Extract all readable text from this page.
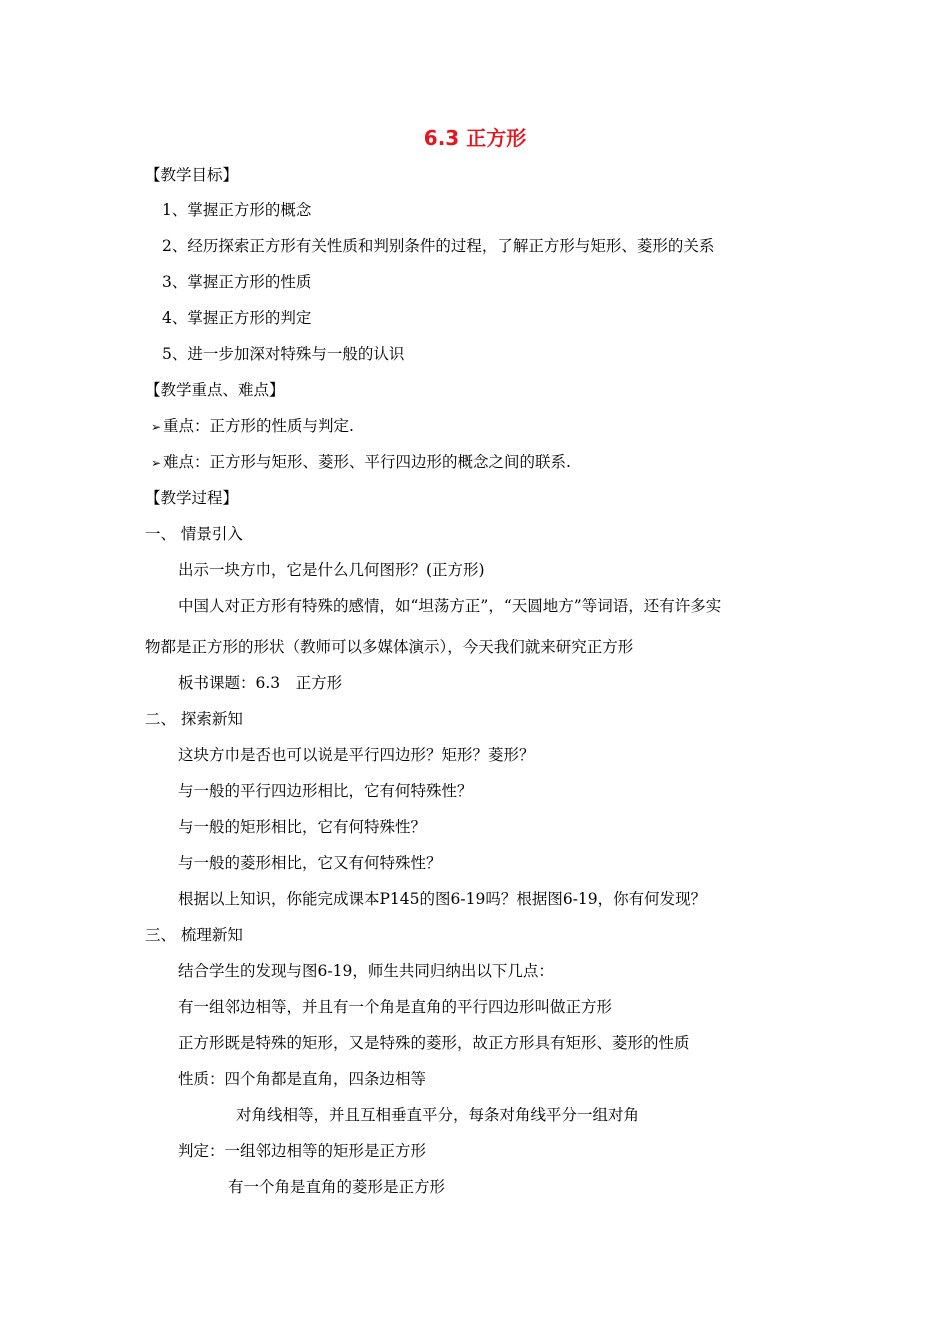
6.3 正方形
【教学目标】
1、掌握正方形的概念
2、经历探索正方形有关性质和判别条件的过程，了解正方形与矩形、菱形的关系
3、掌握正方形的性质
4、掌握正方形的判定
5、进一步加深对特殊与一般的认识
【教学重点、难点】
➢ 重点：正方形的性质与判定.
➢ 难点：正方形与矩形、菱形、平行四边形的概念之间的联系.
【教学过程】
一、 情景引入
出示一块方巾，它是什么几何图形？(正方形)
中国人对正方形有特殊的感情，如“坦荡方正”，“天圆地方”等词语，还有许多实
物都是正方形的形状（教师可以多媒体演示），今天我们就来研究正方形
板书课题：6.3　正方形
二、 探索新知
这块方巾是否也可以说是平行四边形？矩形？菱形？
与一般的平行四边形相比，它有何特殊性？
与一般的矩形相比，它有何特殊性？
与一般的菱形相比，它又有何特殊性？
根据以上知识，你能完成课本P145的图6-19吗？根据图6-19，你有何发现？
三、 梳理新知
结合学生的发现与图6-19，师生共同归纳出以下几点：
有一组邻边相等，并且有一个角是直角的平行四边形叫做正方形
正方形既是特殊的矩形，又是特殊的菱形，故正方形具有矩形、菱形的性质
性质：四个角都是直角，四条边相等
对角线相等，并且互相垂直平分，每条对角线平分一组对角
判定：一组邻边相等的矩形是正方形
有一个角是直角的菱形是正方形
